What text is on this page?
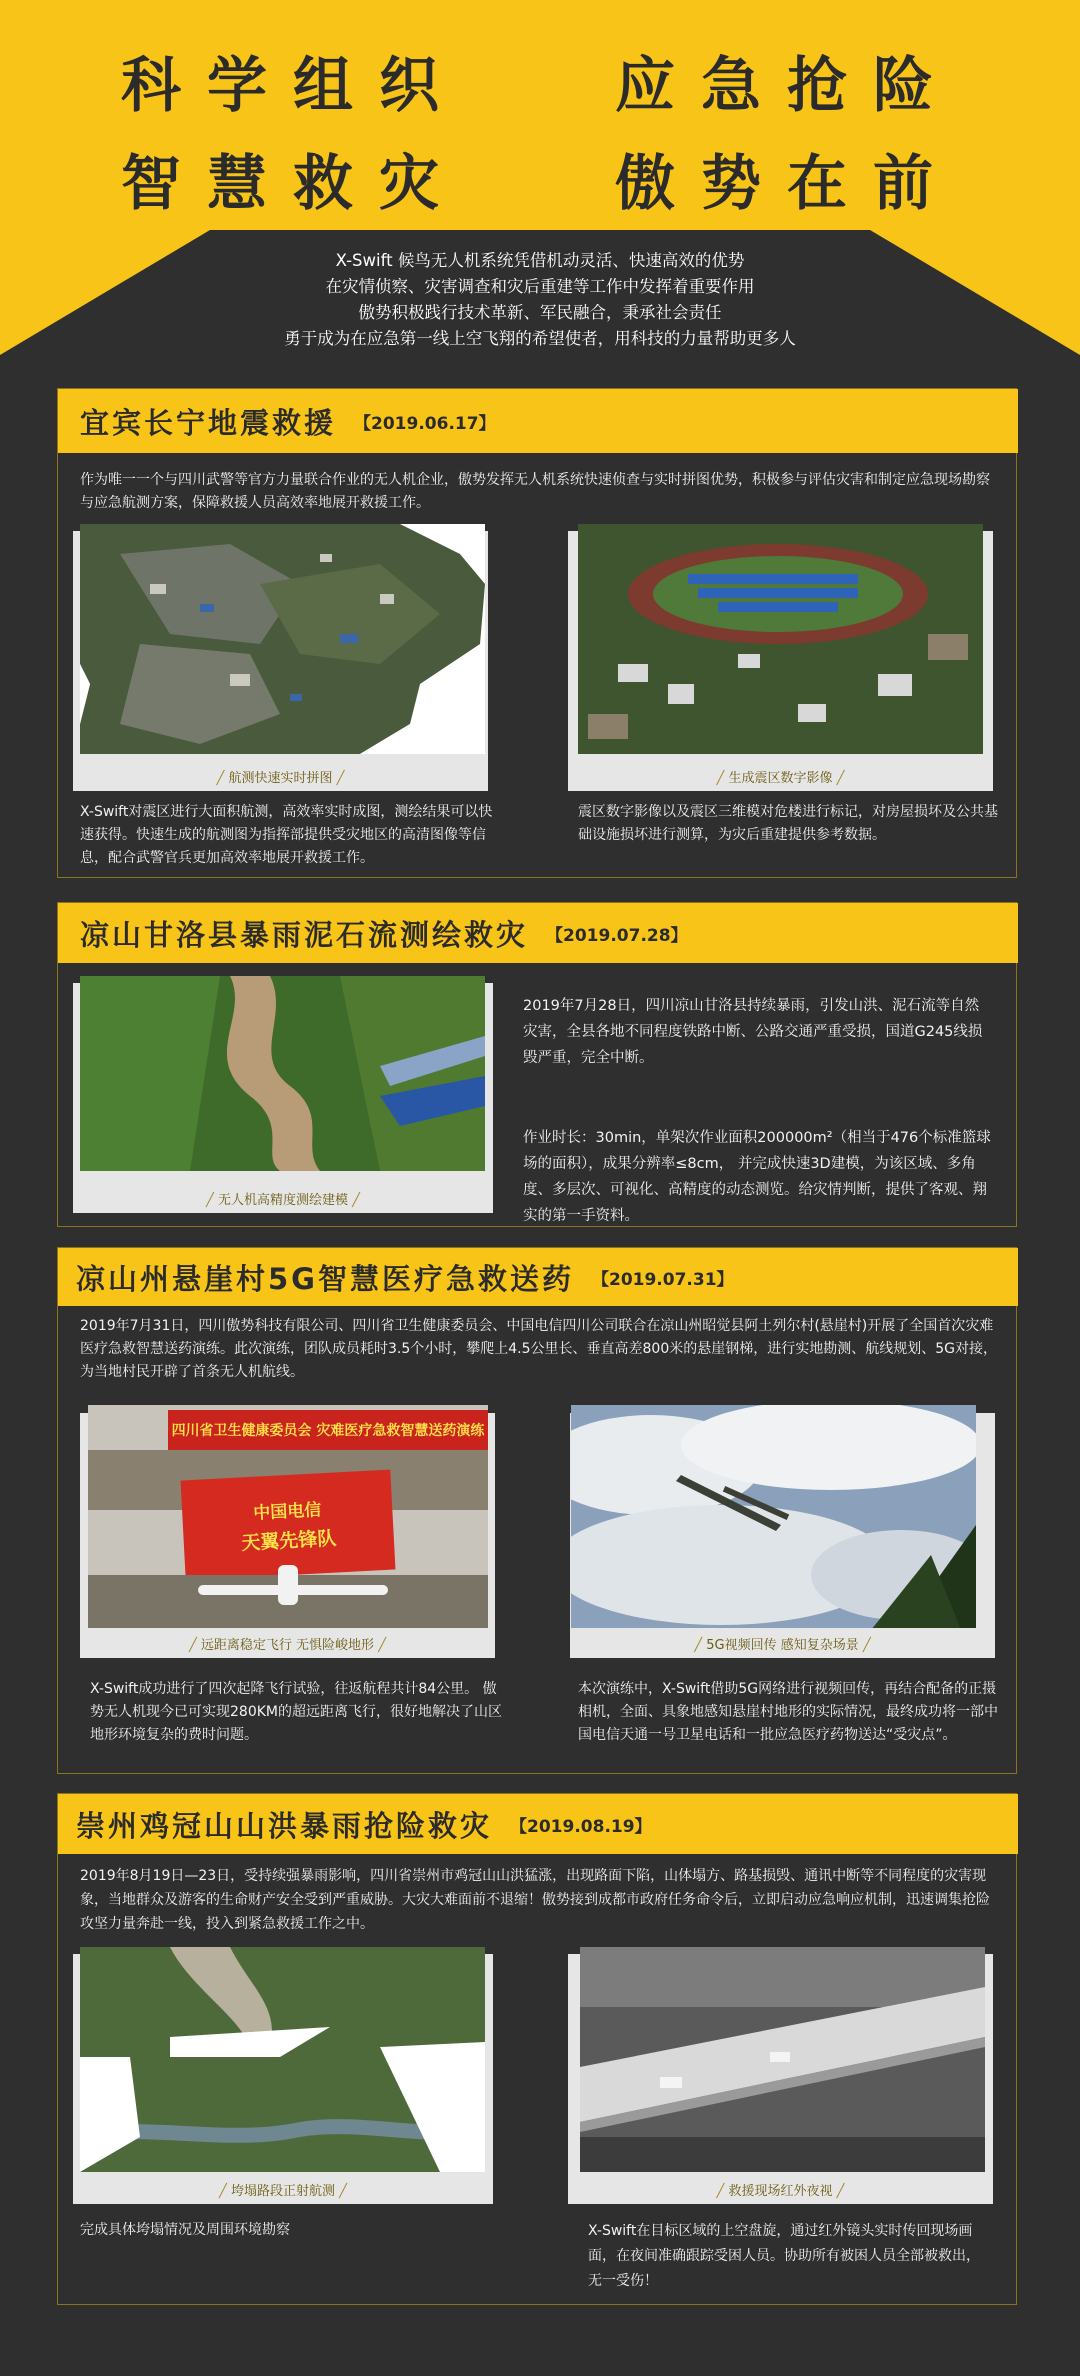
科学组织	应急抢险
智慧救灾	傲势在前

X-Swift 候鸟无人机系统凭借机动灵活、快速高效的优势

在灾情侦察、灾害调查和灾后重建等工作中发挥着重要作用

傲势积极践行技术革新、军民融合，秉承社会责任

勇于成为在应急第一线上空飞翔的希望使者，用科技的力量帮助更多人

宜宾长宁地震救援 【2019.06.17】
作为唯一一个与四川武警等官方力量联合作业的无人机企业，傲势发挥无人机系统快速侦查与实时拼图优势，积极参与评估灾害和制定应急现场勘察与应急航测方案，保障救援人员高效率地展开救援工作。
╱ 航测快速实时拼图 ╱	╱ 生成震区数字影像 ╱
X-Swift对震区进行大面积航测，高效率实时成图，测绘结果可以快速获得。快速生成的航测图为指挥部提供受灾地区的高清图像等信息，配合武警官兵更加高效率地展开救援工作。
震区数字影像以及震区三维模对危楼进行标记，对房屋损坏及公共基础设施损坏进行测算，为灾后重建提供参考数据。
凉山甘洛县暴雨泥石流测绘救灾 【2019.07.28】
╱ 无人机高精度测绘建模 ╱
2019年7月28日，四川凉山甘洛县持续暴雨，引发山洪、泥石流等自然灾害，全县各地不同程度铁路中断、公路交通严重受损，国道G245线损毁严重，完全中断。
作业时长：30min，单架次作业面积200000m²（相当于476个标准篮球场的面积），成果分辨率≤8cm， 并完成快速3D建模，为该区域、多角度、多层次、可视化、高精度的动态测览。给灾情判断，提供了客观、翔实的第一手资料。
凉山州悬崖村5G智慧医疗急救送药 【2019.07.31】
2019年7月31日，四川傲势科技有限公司、四川省卫生健康委员会、中国电信四川公司联合在凉山州昭觉县阿土列尔村(悬崖村)开展了全国首次灾难医疗急救智慧送药演练。此次演练，团队成员耗时3.5个小时，攀爬上4.5公里长、垂直高差800米的悬崖钢梯，进行实地勘测、航线规划、5G对接，为当地村民开辟了首条无人机航线。
四川省卫生健康委员会 灾难医疗急救智慧送药演练
中国电信
天翼先锋队
╱ 远距离稳定飞行 无惧险峻地形 ╱	╱ 5G视频回传 感知复杂场景 ╱
X-Swift成功进行了四次起降飞行试验，往返航程共计84公里。 傲势无人机现今已可实现280KM的超远距离飞行，很好地解决了山区地形环境复杂的费时问题。
本次演练中，X-Swift借助5G网络进行视频回传，再结合配备的正摄相机，全面、具象地感知悬崖村地形的实际情况，最终成功将一部中国电信天通一号卫星电话和一批应急医疗药物送达“受灾点”。
崇州鸡冠山山洪暴雨抢险救灾 【2019.08.19】
2019年8月19日—23日，受持续强暴雨影响，四川省崇州市鸡冠山山洪猛涨，出现路面下陷，山体塌方、路基损毁、通讯中断等不同程度的灾害现象，当地群众及游客的生命财产安全受到严重威胁。大灾大难面前不退缩！傲势接到成都市政府任务命令后，立即启动应急响应机制，迅速调集抢险攻坚力量奔赴一线，投入到紧急救援工作之中。
╱ 垮塌路段正射航测 ╱	╱ 救援现场红外夜视 ╱
完成具体垮塌情况及周围环境勘察	X-Swift在目标区域的上空盘旋，通过红外镜头实时传回现场画面，在夜间准确跟踪受困人员。协助所有被困人员全部被救出，无一受伤！
